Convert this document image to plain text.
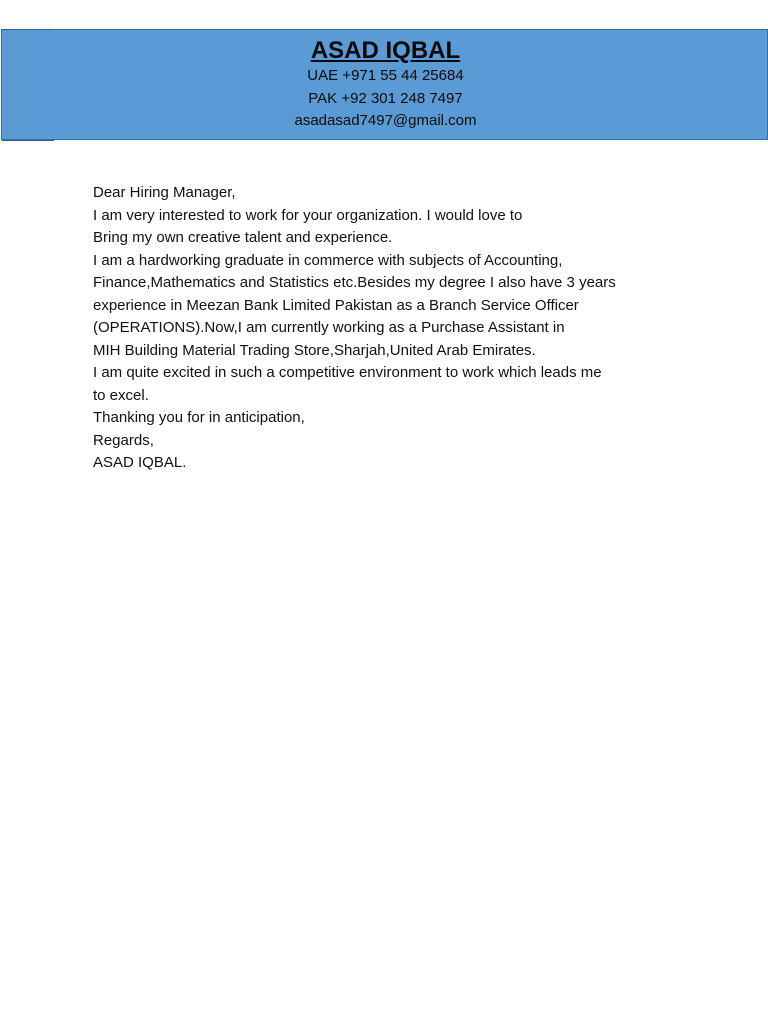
ASAD IQBAL
UAE +971 55 44 25684
PAK +92 301 248 7497
asadasad7497@gmail.com

Dear Hiring Manager,

I am very interested to work for your organization. I would love to
Bring my own creative talent and experience.

I am a hardworking graduate in commerce with subjects of Accounting,
Finance,Mathematics and Statistics etc.Besides my degree I also have 3 years
experience in Meezan Bank Limited Pakistan as a Branch Service Officer
(OPERATIONS).Now,I am currently working as a Purchase Assistant in
MIH Building Material Trading Store,Sharjah,United Arab Emirates.

I am quite excited in such a competitive environment to work which leads me
to excel.

Thanking you for in anticipation,

Regards,

ASAD IQBAL.
